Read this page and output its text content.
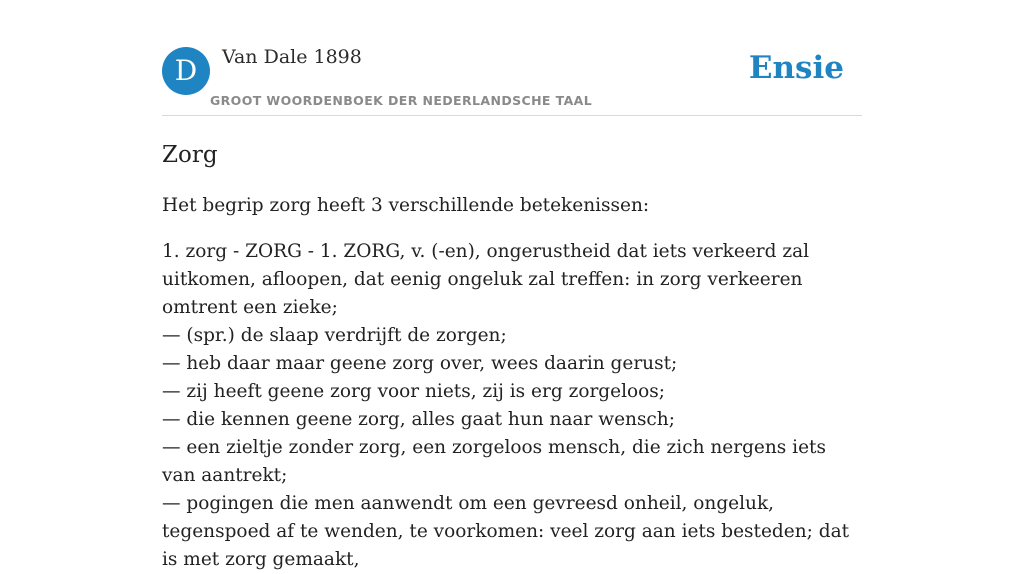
D	Van Dale 1898
GROOT WOORDENBOEK DER NEDERLANDSCHE TAAL
Ensie
Zorg

Het begrip zorg heeft 3 verschillende betekenissen:

1. zorg - ZORG - 1. ZORG, v. (-en), ongerustheid dat iets verkeerd zal uitkomen, afloopen, dat eenig ongeluk zal treffen: in zorg verkeeren omtrent een zieke;
— (spr.) de slaap verdrijft de zorgen;
— heb daar maar geene zorg over, wees daarin gerust;
— zij heeft geene zorg voor niets, zij is erg zorgeloos;
— die kennen geene zorg, alles gaat hun naar wensch;
— een zieltje zonder zorg, een zorgeloos mensch, die zich nergens iets van aantrekt;
— pogingen die men aanwendt om een gevreesd onheil, ongeluk, tegenspoed af te wenden, te voorkomen: veel zorg aan iets besteden; dat is met zorg gemaakt,
